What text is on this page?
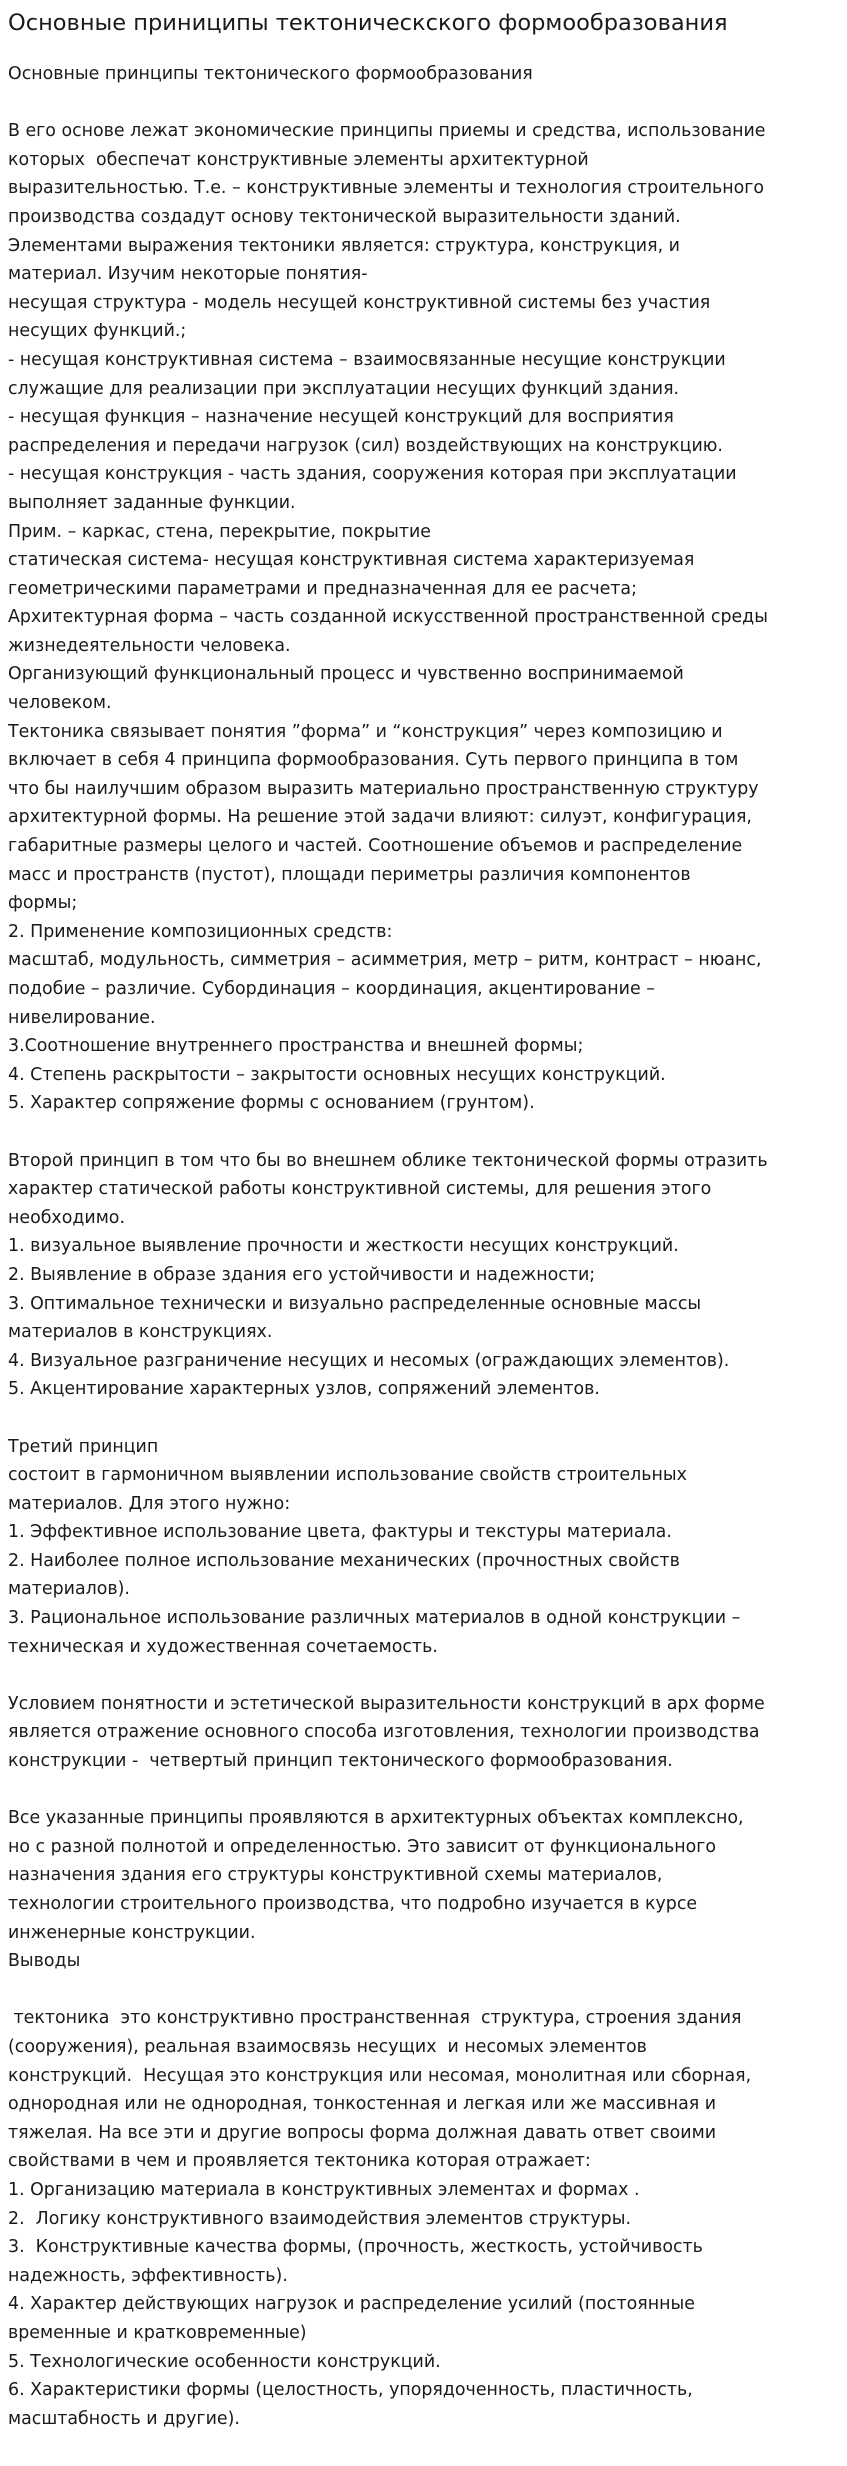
Основные приниципы тектоническского формообразования
Основные принципы тектонического формообразования
В его основе лежат экономические принципы приемы и средства, использование
которых  обеспечат конструктивные элементы архитектурной
выразительностью. Т.е. – конструктивные элементы и технология строительного
производства создадут основу тектонической выразительности зданий.
Элементами выражения тектоники является: структура, конструкция, и
материал. Изучим некоторые понятия-
несущая структура - модель несущей конструктивной системы без участия
несущих функций.;
- несущая конструктивная система – взаимосвязанные несущие конструкции
служащие для реализации при эксплуатации несущих функций здания.
- несущая функция – назначение несущей конструкций для восприятия
распределения и передачи нагрузок (сил) воздействующих на конструкцию.
- несущая конструкция - часть здания, сооружения которая при эксплуатации
выполняет заданные функции.
Прим. – каркас, стена, перекрытие, покрытие
статическая система- несущая конструктивная система характеризуемая
геометрическими параметрами и предназначенная для ее расчета;
Архитектурная форма – часть созданной искусственной пространственной среды
жизнедеятельности человека.
Организующий функциональный процесс и чувственно воспринимаемой
человеком.
Тектоника связывает понятия ”форма” и “конструкция” через композицию и
включает в себя 4 принципа формообразования. Суть первого принципа в том
что бы наилучшим образом выразить материально пространственную структуру
архитектурной формы. На решение этой задачи влияют: силуэт, конфигурация,
габаритные размеры целого и частей. Соотношение объемов и распределение
масс и пространств (пустот), площади периметры различия компонентов
формы;
2. Применение композиционных средств:
масштаб, модульность, симметрия – асимметрия, метр – ритм, контраст – нюанс,
подобие – различие. Субординация – координация, акцентирование –
нивелирование.
3.Соотношение внутреннего пространства и внешней формы;
4. Степень раскрытости – закрытости основных несущих конструкций.
5. Характер сопряжение формы с основанием (грунтом).
Второй принцип в том что бы во внешнем облике тектонической формы отразить
характер статической работы конструктивной системы, для решения этого
необходимо.
1. визуальное выявление прочности и жесткости несущих конструкций.
2. Выявление в образе здания его устойчивости и надежности;
3. Оптимальное технически и визуально распределенные основные массы
материалов в конструкциях.
4. Визуальное разграничение несущих и несомых (ограждающих элементов).
5. Акцентирование характерных узлов, сопряжений элементов.
Третий принцип
состоит в гармоничном выявлении использование свойств строительных
материалов. Для этого нужно:
1. Эффективное использование цвета, фактуры и текстуры материала.
2. Наиболее полное использование механических (прочностных свойств
материалов).
3. Рациональное использование различных материалов в одной конструкции –
техническая и художественная сочетаемость.
Условием понятности и эстетической выразительности конструкций в арх форме
является отражение основного способа изготовления, технологии производства
конструкции -  четвертый принцип тектонического формообразования.
Все указанные принципы проявляются в архитектурных объектах комплексно,
но с разной полнотой и определенностью. Это зависит от функционального
назначения здания его структуры конструктивной схемы материалов,
технологии строительного производства, что подробно изучается в курсе
инженерные конструкции.
Выводы
тектоника  это конструктивно пространственная  структура, строения здания
(сооружения), реальная взаимосвязь несущих  и несомых элементов
конструкций.  Несущая это конструкция или несомая, монолитная или сборная,
однородная или не однородная, тонкостенная и легкая или же массивная и
тяжелая. На все эти и другие вопросы форма должная давать ответ своими
свойствами в чем и проявляется тектоника которая отражает:
1. Организацию материала в конструктивных элементах и формах .
2.  Логику конструктивного взаимодействия элементов структуры.
3.  Конструктивные качества формы, (прочность, жесткость, устойчивость
надежность, эффективность).
4. Характер действующих нагрузок и распределение усилий (постоянные
временные и кратковременные)
5. Технологические особенности конструкций.
6. Характеристики формы (целостность, упорядоченность, пластичность,
масштабность и другие).
